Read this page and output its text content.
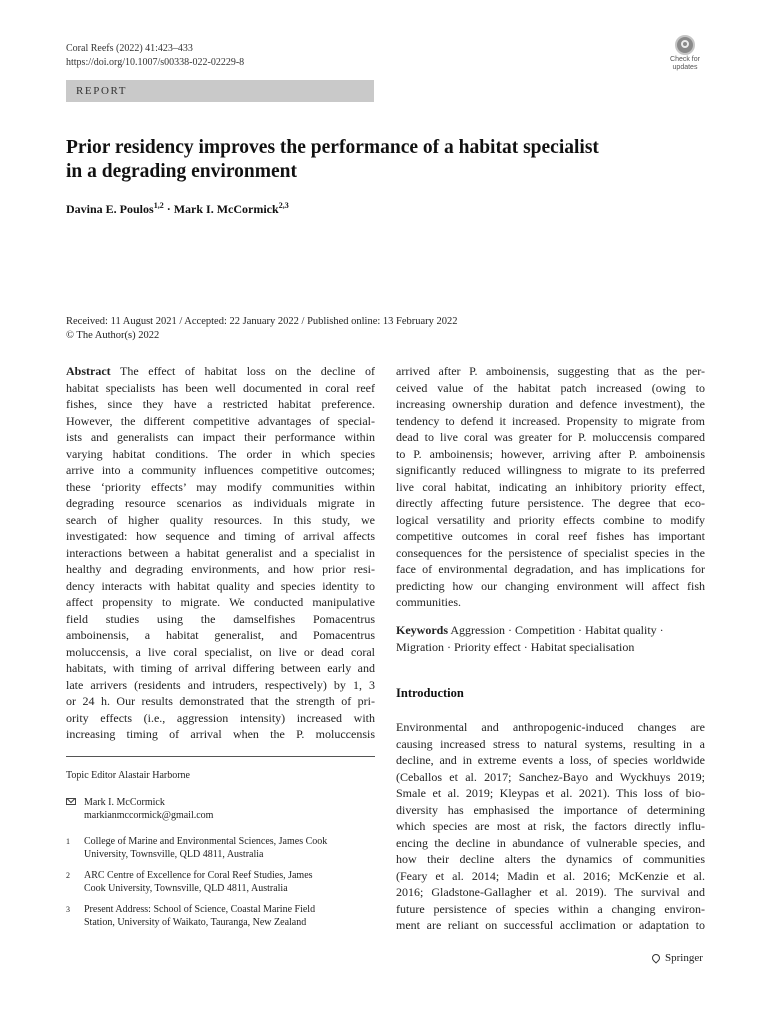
Coral Reefs (2022) 41:423–433
https://doi.org/10.1007/s00338-022-02229-8	Check for
updates
REPORT
Prior residency improves the performance of a habitat specialist
in a degrading environment
Davina E. Poulos$^{1,2}$ · Mark I. McCormick$^{2,3}$
Received: 11 August 2021 / Accepted: 22 January 2022 / Published online: 13 February 2022
© The Author(s) 2022
Abstract The effect of habitat loss on the decline of
habitat specialists has been well documented in coral reef
fishes, since they have a restricted habitat preference.
However, the different competitive advantages of special-
ists and generalists can impact their performance within
varying habitat conditions. The order in which species
arrive into a community influences competitive outcomes;
these ‘priority effects’ may modify communities within
degrading resource scenarios as individuals migrate in
search of higher quality resources. In this study, we
investigated: how sequence and timing of arrival affects
interactions between a habitat generalist and a specialist in
healthy and degrading environments, and how prior resi-
dency interacts with habitat quality and species identity to
affect propensity to migrate. We conducted manipulative
field studies using the damselfishes Pomacentrus
amboinensis, a habitat generalist, and Pomacentrus
moluccensis, a live coral specialist, on live or dead coral
habitats, with timing of arrival differing between early and
late arrivers (residents and intruders, respectively) by 1, 3
or 24 h. Our results demonstrated that the strength of pri-
ority effects (i.e., aggression intensity) increased with
increasing timing of arrival when the P. moluccensis
arrived after P. amboinensis, suggesting that as the per-
ceived value of the habitat patch increased (owing to
increasing ownership duration and defence investment), the
tendency to defend it increased. Propensity to migrate from
dead to live coral was greater for P. moluccensis compared
to P. amboinensis; however, arriving after P. amboinensis
significantly reduced willingness to migrate to its preferred
live coral habitat, indicating an inhibitory priority effect,
directly affecting future persistence. The degree that eco-
logical versatility and priority effects combine to modify
competitive outcomes in coral reef fishes has important
consequences for the persistence of specialist species in the
face of environmental degradation, and has implications for
predicting how our changing environment will affect fish
communities.
Keywords Aggression · Competition · Habitat quality ·
Migration · Priority effect · Habitat specialisation
Introduction
Environmental and anthropogenic-induced changes are
causing increased stress to natural systems, resulting in a
decline, and in extreme events a loss, of species worldwide
(Ceballos et al. 2017; Sanchez-Bayo and Wyckhuys 2019;
Smale et al. 2019; Kleypas et al. 2021). This loss of bio-
diversity has emphasised the importance of determining
which species are most at risk, the factors directly influ-
encing the decline in abundance of vulnerable species, and
how their decline alters the dynamics of communities
(Feary et al. 2014; Madin et al. 2016; McKenzie et al.
2016; Gladstone-Gallagher et al. 2019). The survival and
future persistence of species within a changing environ-
ment are reliant on successful acclimation or adaptation to
Topic Editor Alastair Harborne
Mark I. McCormick
markianmccormick@gmail.com
1 College of Marine and Environmental Sciences, James Cook
University, Townsville, QLD 4811, Australia
2 ARC Centre of Excellence for Coral Reef Studies, James
Cook University, Townsville, QLD 4811, Australia
3 Present Address: School of Science, Coastal Marine Field
Station, University of Waikato, Tauranga, New Zealand
Springer
